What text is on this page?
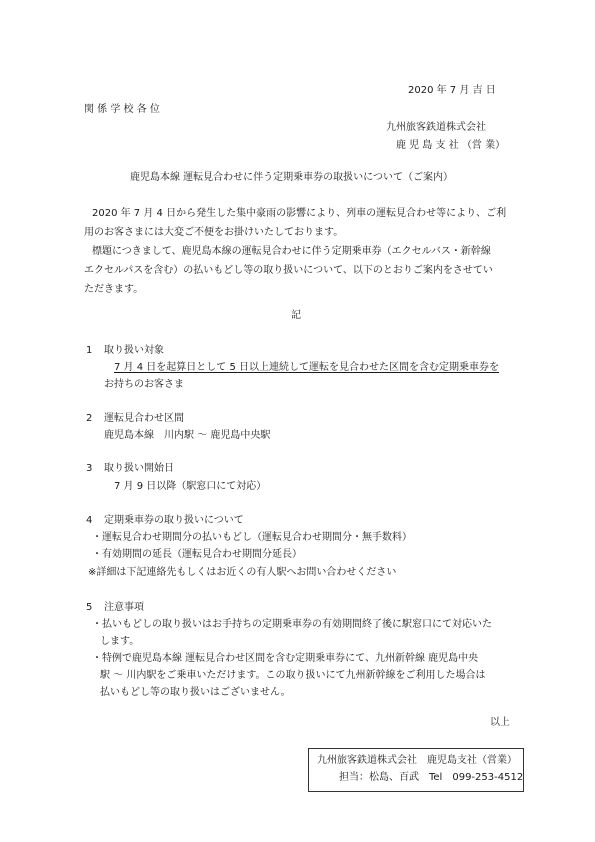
2020 年 7 月 吉 日
関 係 学 校 各 位
九州旅客鉄道株式会社
鹿 児 島 支 社 （営 業）
鹿児島本線 運転見合わせに伴う定期乗車券の取扱いについて（ご案内）
2020 年 7 月 4 日から発生した集中豪雨の影響により、列車の運転見合わせ等により、ご利
用のお客さまには大変ご不便をお掛けいたしております。
標題につきまして、鹿児島本線の運転見合わせに伴う定期乗車券（エクセルバス・新幹線
エクセルパスを含む）の払いもどし等の取り扱いについて、以下のとおりご案内をさせてい
ただきます。
記
1 取り扱い対象
7 月 4 日を起算日として 5 日以上連続して運転を見合わせた区間を含む定期乗車券を
お持ちのお客さま
2 運転見合わせ区間
鹿児島本線　川内駅 ～ 鹿児島中央駅
3 取り扱い開始日
7 月 9 日以降（駅窓口にて対応）
4 定期乗車券の取り扱いについて
・運転見合わせ期間分の払いもどし（運転見合わせ期間分・無手数料）
・有効期間の延長（運転見合わせ期間分延長）
※詳細は下記連絡先もしくはお近くの有人駅へお問い合わせください
5 注意事項
・払いもどしの取り扱いはお手持ちの定期乗車券の有効期間終了後に駅窓口にて対応いた
します。
・特例で鹿児島本線 運転見合わせ区間を含む定期乗車券にて、九州新幹線 鹿児島中央
駅 ～ 川内駅をご乗車いただけます。この取り扱いにて九州新幹線をご利用した場合は
払いもどし等の取り扱いはございません。
以上
九州旅客鉄道株式会社　鹿児島支社（営業）
担当：松島、百武　Tel　099-253-4512
